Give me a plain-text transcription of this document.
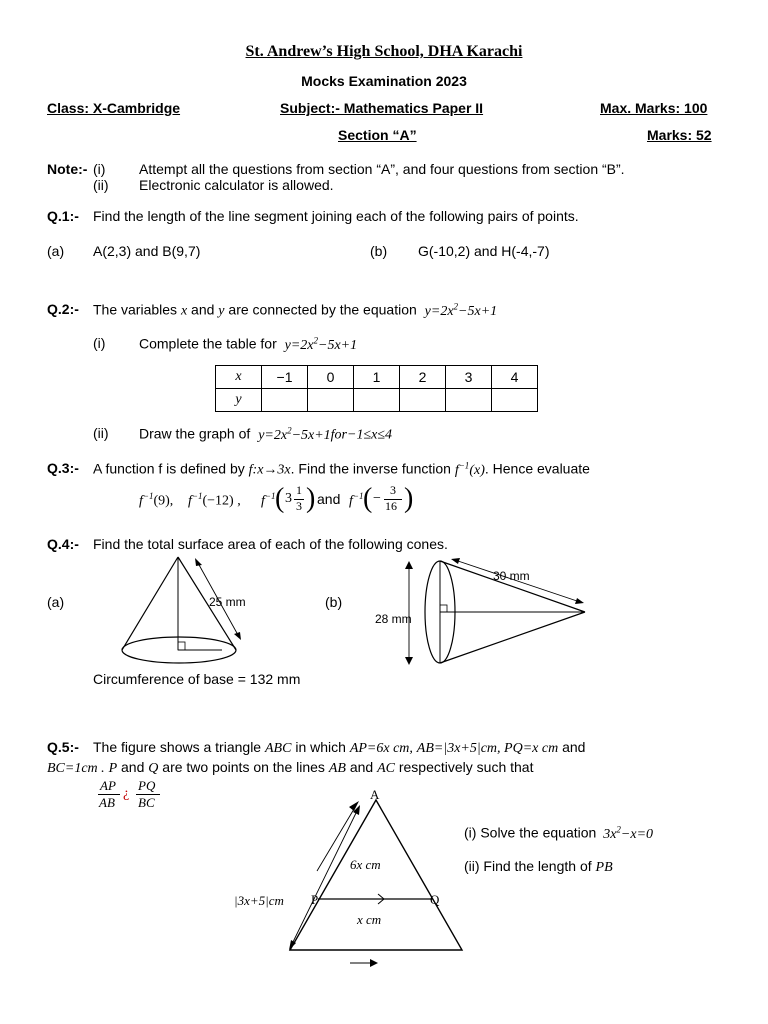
St. Andrew’s High School, DHA Karachi
Mocks Examination 2023
Class: X-Cambridge	Subject:- Mathematics Paper II	Max. Marks: 100
Section “A”	Marks: 52
Note:- (i) Attempt all the questions from section “A”, and four questions from section “B”.
(ii) Electronic calculator is allowed.
Q.1:- Find the length of the line segment joining each of the following pairs of points.
(a) A(2,3) and B(9,7)	(b) G(-10,2) and H(-4,-7)
Q.2:- The variables x and y are connected by the equation $y=2x^2-5x+1$
(i) Complete the table for $y=2x^2-5x+1$
x	−1	0	1	2	3	4
y						
(ii) Draw the graph of $y=2x^2-5x+1for-1\le x\le 4$
Q.3:- A function f is defined by f:x→3x. Find the inverse function $f^{-1}(x)$. Hence evaluate
$f^{-1}(9)$, $f^{-1}(-12)$ , $f^{-1}$ ( 3
1
3 ) and $f^{-1}$ ( −
3
16 )
Q.4:- Find the total surface area of each of the following cones.
(a)	(b)
25 mm
Circumference of base = 132 mm
30 mm
28 mm
Q.5:- The figure shows a triangle ABC in which AP=6x cm, AB=|3x+5|cm, PQ=x cm and
BC=1cm . P and Q are two points on the lines AB and AC respectively such that
AP
AB
¿
PQ
BC
A
P	Q
6x cm
x cm
|3x+5|cm
(i) Solve the equation $3x^2-x=0$
(ii) Find the length of PB
